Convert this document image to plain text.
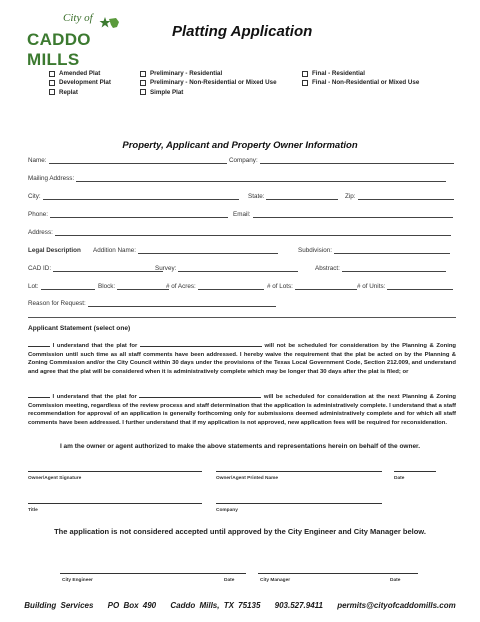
City of
CADDO MILLS
Platting Application
Amended Plat
Development Plat
Replat
Preliminary - Residential
Preliminary - Non-Residential or Mixed Use
Simple Plat
Final - Residential
Final - Non-Residential or Mixed Use
Property, Applicant and Property Owner Information
Name:	Company:
Mailing Address:
City:	State:	Zip:
Phone:	Email:
Address:
Legal Description Addition Name:	Subdivision:
CAD ID:	Survey:	Abstract:
Lot:	Block:	# of Acres:	# of Lots:	# of Units:
Reason for Request:
Applicant Statement (select one)
I understand that the plat for	will not be scheduled for consideration by the Planning & Zoning Commission until such time as all staff comments have been addressed. I hereby waive the requirement that the plat be acted on by the Planning & Zoning Commission and/or the City Council within 30 days under the provisions of the Texas Local Government Code, Section 212.009, and understand and agree that the plat will be considered when it is administratively complete which may be longer that 30 days after the plat is filed; or
I understand that the plat for	will be scheduled for consideration at the next Planning & Zoning Commission meeting, regardless of the review process and staff determination that the application is administratively complete. I understand that a staff recommendation for approval of an application is generally forthcoming only for submissions deemed administratively complete and for which all staff comments have been addressed. I further understand that if my application is not approved, new application fees will be required for reconsideration.
I am the owner or agent authorized to make the above statements and representations herein on behalf of the owner.
Owner/Agent Signature	Owner/Agent Printed Name	Date
Title	Company
The application is not considered accepted until approved by the City Engineer and City Manager below.
City Engineer	Date	City Manager	Date
Building Services PO Box 490 Caddo Mills, TX 75135 903.527.9411 permits@cityofcaddomills.com
